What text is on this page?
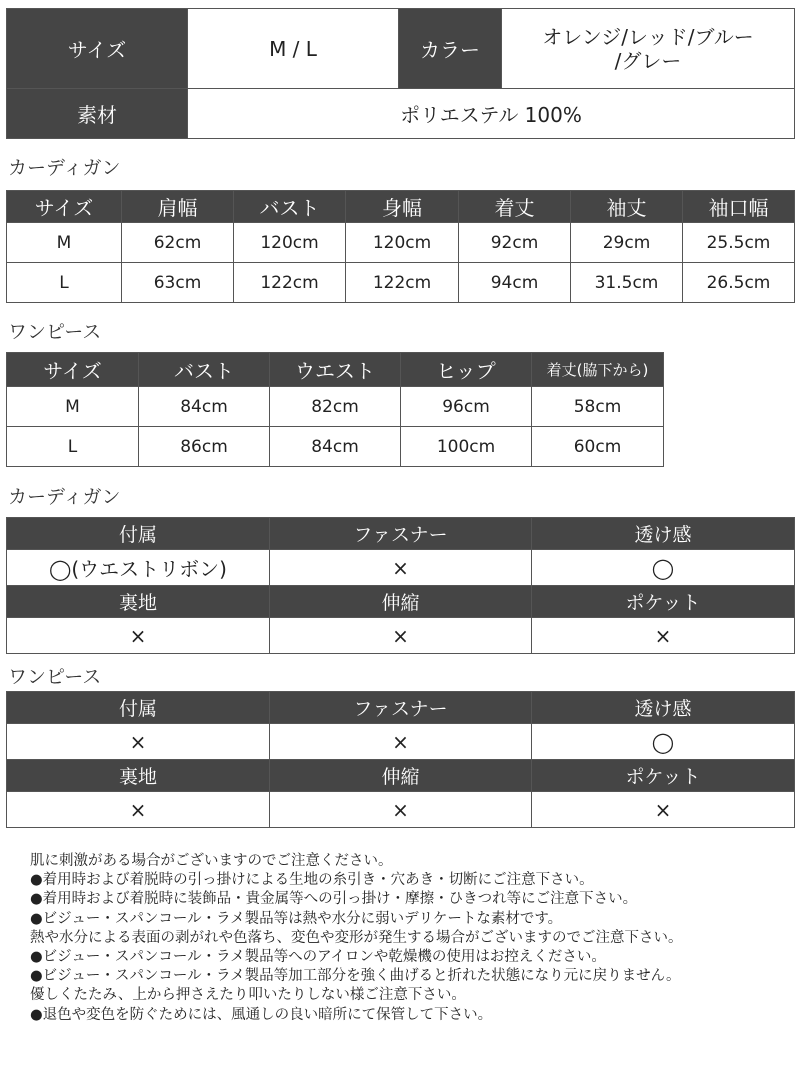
サイズ	M / L	カラー	オレンジ/レッド/ブルー
/グレー

素材	ポリエステル 100%		
カーディガン
サイズ	肩幅	バスト	身幅	着丈	袖丈	袖口幅
M	62cm	120cm	120cm	92cm	29cm	25.5cm
L	63cm	122cm	122cm	94cm	31.5cm	26.5cm
ワンピース
サイズ	バスト	ウエスト	ヒップ	着丈(脇下から)
M	84cm	82cm	96cm	58cm
L	86cm	84cm	100cm	60cm
カーディガン
付属	ファスナー	透け感
◯(ウエストリボン)	×	◯
裏地	伸縮	ポケット
×	×	×
ワンピース
付属	ファスナー	透け感
×	×	◯
裏地	伸縮	ポケット
×	×	×
肌に刺激がある場合がございますのでご注意ください。
●着用時および着脱時の引っ掛けによる生地の糸引き・穴あき・切断にご注意下さい。
●着用時および着脱時に装飾品・貴金属等への引っ掛け・摩擦・ひきつれ等にご注意下さい。
●ビジュー・スパンコール・ラメ製品等は熱や水分に弱いデリケートな素材です。
熱や水分による表面の剥がれや色落ち、変色や変形が発生する場合がございますのでご注意下さい。
●ビジュー・スパンコール・ラメ製品等へのアイロンや乾燥機の使用はお控えください。
●ビジュー・スパンコール・ラメ製品等加工部分を強く曲げると折れた状態になり元に戻りません。
優しくたたみ、上から押さえたり叩いたりしない様ご注意下さい。
●退色や変色を防ぐためには、風通しの良い暗所にて保管して下さい。
